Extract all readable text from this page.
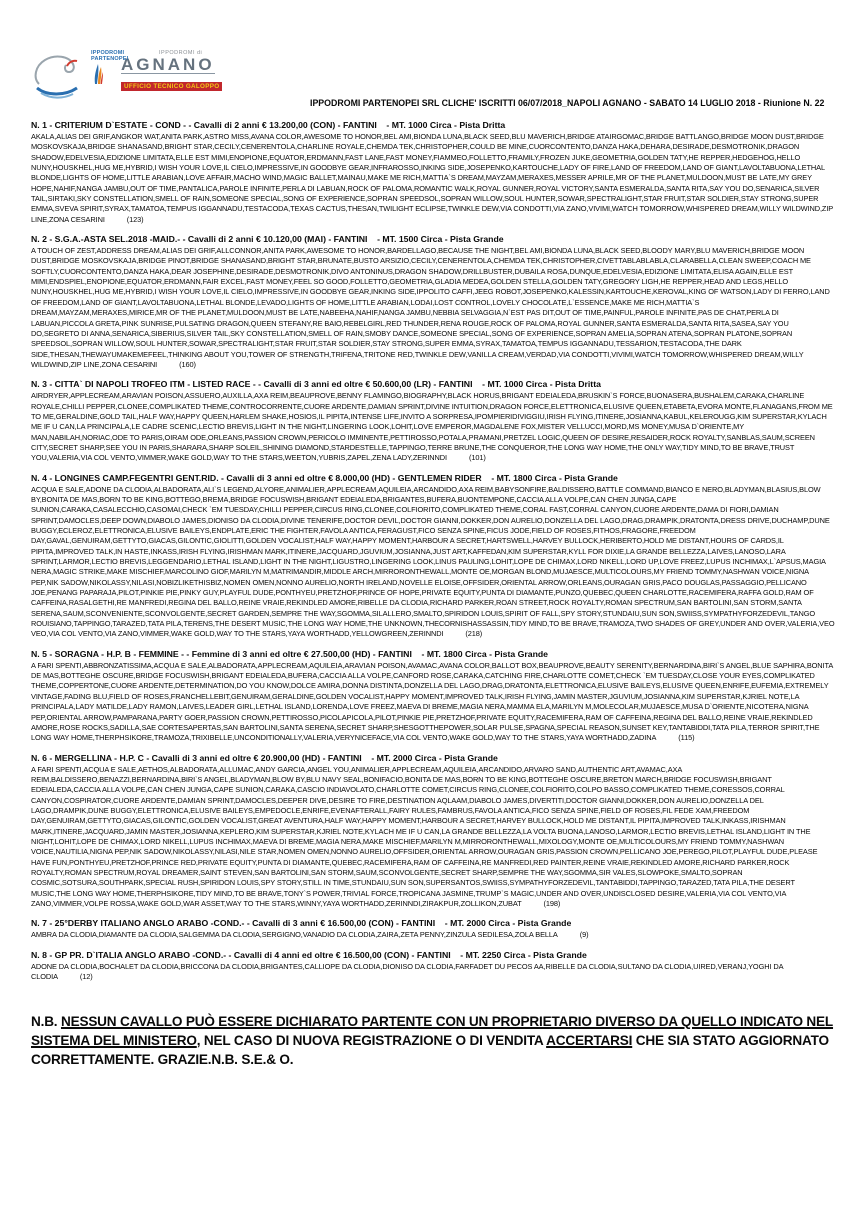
IPPODROMI PARTENOPEI
IPPODROMI di
AGNANO
UFFICIO TECNICO GALOPPO
IPPODROMI PARTENOPEI SRL CLICHE' ISCRITTI 06/07/2018_NAPOLI AGNANO - SABATO 14 LUGLIO 2018 - Riunione N. 22
N. 1 - CRITERIUM D`ESTATE - COND - - Cavalli di 2 anni € 13.200,00 (CON) - FANTINI    - MT. 1000 Circa - Pista Dritta

AKALA,ALIAS DEI GRIF,ANGKOR WAT,ANITA PARK,ASTRO MISS,AVANA COLOR,AWESOME TO HONOR,BEL AMI,BIONDA LUNA,BLACK SEED,BLU MAVERICH,BRIDGE ATAIRGOMAC,BRIDGE BATTLANGO,BRIDGE MOON DUST,BRIDGE MOSKOVSKAJA,BRIDGE SHANASAND,BRIGHT STAR,CECILY,CENERENTOLA,CHARLINE ROYALE,CHEMDA TEK,CHRISTOPHER,COULD BE MINE,CUORCONTENTO,DANZA HAKA,DEHARA,DESIRADE,DESMOTRONIK,DRAGON SHADOW,EDELVESIA,EDIZIONE LIMITATA,ELLE EST MIMI,ENOPIONE,EQUATOR,ERDMANN,FAST LANE,FAST MONEY,FIAMMEO,FOLLETTO,FRAMILY,FROZEN JUKE,GEOMETRIA,GOLDEN TATY,HE REPPER,HEDGEHOG,HELLO NUNY,HOUSKHEL,HUG ME,HYBRID,I WISH YOUR LOVE,IL CIELO,IMPRESSIVE,IN GOODBYE GEAR,INFRAROSSO,INKING SIDE,JOSEPENKO,KARTOUCHE,LADY OF FIRE,LAND OF FREEDOM,LAND OF GIANT,LAVOLTABUONA,LETHAL BLONDE,LIGHTS OF HOME,LITTLE ARABIAN,LOVE AFFAIR,MACHO WIND,MAGIC BALLET,MAINAU,MAKE ME RICH,MATTIA`S DREAM,MAYZAM,MERAXES,MESSER APRILE,MR OF THE PLANET,MULDOON,MUST BE LATE,MY GREY HOPE,NAHIF,NANGA JAMBU,OUT OF TIME,PANTALICA,PAROLE INFINITE,PERLA DI LABUAN,ROCK OF PALOMA,ROMANTIC WALK,ROYAL GUNNER,ROYAL VICTORY,SANTA ESMERALDA,SANTA RITA,SAY YOU DO,SENARICA,SILVER TAIL,SIRTAKI,SKY CONSTELLATION,SMELL OF RAIN,SOMEONE SPECIAL,SONG OF EXPERIENCE,SOPRAN SPEEDSOL,SOPRAN WILLOW,SOUL HUNTER,SOWAR,SPECTRALIGHT,STAR FRUIT,STAR SOLDIER,STAY STRONG,SUPER EMMA,SVEVA SPIRIT,SYRAX,TAMATOA,TEMPUS IGGANNADU,TESTACODA,TEXAS CACTUS,THESAN,TWILIGHT ECLIPSE,TWINKLE DEW,VIA CONDOTTI,VIA ZANO,VIVIMI,WATCH TOMORROW,WHISPERED DREAM,WILLY WILDWIND,ZIP LINE,ZONA CESARINI	(123)

N. 2 - S.G.A.-ASTA SEL.2018 -MAID.- - Cavalli di 2 anni € 10.120,00 (MAI) - FANTINI    - MT. 1500 Circa - Pista Grande

A TOUCH OF ZEST,ADDRESS DREAM,ALIAS DEI GRIF,ALLCONNOR,ANITA PARK,AWESOME TO HONOR,BARDELLAGO,BECAUSE THE NIGHT,BEL AMI,BIONDA LUNA,BLACK SEED,BLOODY MARY,BLU MAVERICH,BRIDGE MOON DUST,BRIDGE MOSKOVSKAJA,BRIDGE PINOT,BRIDGE SHANASAND,BRIGHT STAR,BRUNATE,BUSTO ARSIZIO,CECILY,CENERENTOLA,CHEMDA TEK,CHRISTOPHER,CIVETTABLABLABLA,CLARABELLA,CLEAN SWEEP,COACH ME SOFTLY,CUORCONTENTO,DANZA HAKA,DEAR JOSEPHINE,DESIRADE,DESMOTRONIK,DIVO ANTONINUS,DRAGON SHADOW,DRILLBUSTER,DUBAILA ROSA,DUNQUE,EDELVESIA,EDIZIONE LIMITATA,ELISA AGAIN,ELLE EST MIMI,ENDSPIEL,ENOPIONE,EQUATOR,ERDMANN,FAIR EXCEL,FAST MONEY,FEEL SO GOOD,FOLLETTO,GEOMETRIA,GLADIA MEDEA,GOLDEN STELLA,GOLDEN TATY,GREGORY LIGH,HE REPPER,HEAD AND LEGS,HELLO NUNY,HOUSKHEL,HUG ME,HYBRID,I WISH YOUR LOVE,IL CIELO,IMPRESSIVE,IN GOODBYE GEAR,INKING SIDE,IPPOLITO CAFFI,JEEG ROBOT,JOSEPENKO,KALESSIN,KARTOUCHE,KEROVAL,KING OF WATSON,LADY DI FERRO,LAND OF FREEDOM,LAND OF GIANT,LAVOLTABUONA,LETHAL BLONDE,LEVADO,LIGHTS OF HOME,LITTLE ARABIAN,LODAI,LOST CONTROL,LOVELY CHOCOLATE,L`ESSENCE,MAKE ME RICH,MATTIA`S DREAM,MAYZAM,MERAXES,MIRICE,MR OF THE PLANET,MULDOON,MUST BE LATE,NABEEHA,NAHIF,NANGA JAMBU,NEBBIA SELVAGGIA,N`EST PAS DIT,OUT OF TIME,PAINFUL,PAROLE INFINITE,PAS DE CHAT,PERLA DI LABUAN,PICCOLA GRETA,PINK SUNRISE,PULSATING DRAGON,QUEEN STEFANY,RE BAIO,REBELGIRL,RED THUNDER,RENA ROUGE,ROCK OF PALOMA,ROYAL GUNNER,SANTA ESMERALDA,SANTA RITA,SASEA,SAY YOU DO,SEGRETO DI ANNA,SENARICA,SIBERIUS,SILVER TAIL,SKY CONSTELLATION,SMELL OF RAIN,SMOBY DANCE,SOMEONE SPECIAL,SONG OF EXPERIENCE,SOPRAN AMELIA,SOPRAN ATENA,SOPRAN PLATONE,SOPRAN SPEEDSOL,SOPRAN WILLOW,SOUL HUNTER,SOWAR,SPECTRALIGHT,STAR FRUIT,STAR SOLDIER,STAY STRONG,SUPER EMMA,SYRAX,TAMATOA,TEMPUS IGGANNADU,TESSARION,TESTACODA,THE DARK SIDE,THESAN,THEWAYUMAKEMEFEEL,THINKING ABOUT YOU,TOWER OF STRENGTH,TRIFENA,TRITONE RED,TWINKLE DEW,VANILLA CREAM,VERDAD,VIA CONDOTTI,VIVIMI,WATCH TOMORROW,WHISPERED DREAM,WILLY WILDWIND,ZIP LINE,ZONA CESARINI	(160)

N. 3 - CITTA` DI NAPOLI TROFEO ITM - LISTED RACE - - Cavalli di 3 anni ed oltre € 50.600,00 (LR) - FANTINI    - MT. 1000 Circa - Pista Dritta

AIRDRYER,APPLECREAM,ARAVIAN POISON,ASSUERO,AUXILLA,AXA REIM,BEAUPROVE,BENNY FLAMINGO,BIOGRAPHY,BLACK HORUS,BRIGANT EDEIALEDA,BRUSKIN`S FORCE,BUONASERA,BUSHALEM,CARAKA,CHARLINE ROYALE,CHILLI PEPPER,CLONEE,COMPLIKATED THEME,CONTROCORRENTE,CUORE ARDENTE,DAMIAN SPRINT,DIVINE INTUITION,DRAGON FORCE,ELETTRONICA,ELUSIVE QUEEN,ETABETA,EVORA MONTE,FLANAGANS,FROM ME TO ME,GERALDINE,GOLD TAIL,HALF WAY,HAPPY QUEEN,HARLEM SHAKE,HOSIOS,IL PIPITA,INTENSE LIFE,INVITO A SORPRESA,IPOMPIERIDIVIGGIU,IRISH FLYING,ITINERE,JOSIANNA,KABUL,KELEROUGG,KIM SUPERSTAR,KYLACH ME IF U CAN,LA PRINCIPALA,LE CADRE SCENIC,LECTIO BREVIS,LIGHT IN THE NIGHT,LINGERING LOOK,LOHIT,LOVE EMPEROR,MAGDALENE FOX,MISTER VELLUCCI,MORD,MS MONEY,MUSA D`ORIENTE,MY MAN,NABILAH,NORIAC,ODE TO PARIS,OIRAM ODE,ORLEANS,PASSION CROWN,PERICOLO IMMINENTE,PETTIROSSO,POTALA,PRAMANI,PRETZEL LOGIC,QUEEN OF DESIRE,RESAIDER,ROCK ROYALTY,SANBLAS,SAUM,SCREEN CITY,SECRET SHARP,SEE YOU IN PARIS,SHARARA,SHARP SOLEIL,SHINING DIAMOND,STARDESTELLE,TAPPINGO,TERRE BRUNE,THE CONQUEROR,THE LONG WAY HOME,THE ONLY WAY,TIDY MIND,TO BE BRAVE,TRUST YOU,VALERIA,VIA COL VENTO,VIMMER,WAKE GOLD,WAY TO THE STARS,WEETON,YUBRIS,ZAPEL,ZENA LADY,ZERINNDI	(101)

N. 4 - LONGINES CAMP.FEGENTRI GENT.RID. - Cavalli di 3 anni ed oltre € 8.000,00 (HD) - GENTLEMEN RIDER    - MT. 1800 Circa - Pista Grande

ACQUA E SALE,ADONE DA CLODIA,ALBADORATA,ALI`S LEGEND,ALYORE,ANIMALIER,APPLECREAM,AQUILEIA,ARCANDIDO,AXA REIM,BABYSONFIRE,BALDISSERO,BATTLE COMMAND,BIANCO E NERO,BLADYMAN,BLASIUS,BLOW BY,BONITA DE MAS,BORN TO BE KING,BOTTEGO,BREMA,BRIDGE FOCUSWISH,BRIGANT EDEIALEDA,BRIGANTES,BUFERA,BUONTEMPONE,CACCIA ALLA VOLPE,CAN CHEN JUNGA,CAPE SUNION,CARAKA,CASALECCHIO,CASOMAI,CHECK `EM TUESDAY,CHILLI PEPPER,CIRCUS RING,CLONEE,COLFIORITO,COMPLIKATED THEME,CORAL FAST,CORRAL CANYON,CUORE ARDENTE,DAMA DI FIORI,DAMIAN SPRINT,DAMOCLES,DEEP DOWN,DIABOLO JAMES,DIONISO DA CLODIA,DIVINE TENERIFE,DOCTOR DEVIL,DOCTOR GIANNI,DOKKER,DON AURELIO,DONZELLA DEL LAGO,DRAG,DRAMPIK,DRATONTA,DRESS DRIVE,DUCHAMP,DUNE BUGGY,ECLEROZ,ELETTRONICA,ELUSIVE BAILEYS,ENDPLATE,ERIC THE FIGHTER,FAVOLA ANTICA,FERAGUST,FICO SENZA SPINE,FICUS JODE,FIELD OF ROSES,FITHOS,FRAGORE,FREEDOM DAY,GAVAL,GENUIRAM,GETTYTO,GIACAS,GILONTIC,GIOLITTI,GOLDEN VOCALIST,HALF WAY,HAPPY MOMENT,HARBOUR A SECRET,HARTSWELL,HARVEY BULLOCK,HERIBERTO,HOLD ME DISTANT,HOURS OF CARDS,IL PIPITA,IMPROVED TALK,IN HASTE,INKASS,IRISH FLYING,IRISHMAN MARK,ITINERE,JACQUARD,JGUVIUM,JOSIANNA,JUST ART,KAFFEDAN,KIM SUPERSTAR,KYLL FOR DIXIE,LA GRANDE BELLEZZA,LAIVES,LANOSO,LARA SPRINT,LARMOR,LECTIO BREVIS,LEGGENDARIO,LETHAL ISLAND,LIGHT IN THE NIGHT,LIGUSTRO,LINGERING LOOK,LINUS PAULING,LOHIT,LOPE DE CHIMAX,LORD NIKELL,LORD UP,LOVE FREEZ,LUPUS INCHIMAX,L`APSUS,MAGIA NERA,MAGIC STRIKE,MAKE MISCHIEF,MARCOLINO GIOF,MARILYN M,MATRIMANDIR,MIDDLE ARCH,MIRRORONTHEWALL,MONTE OE,MORGAN BLOND,MUJAESCE,MULTICOLOURS,MY FRIEND TOMMY,NASHWAN VOICE,NIGNA PEP,NIK SADOW,NIKOLASSY,NILASI,NOBIZLIKETHISBIZ,NOMEN OMEN,NONNO AURELIO,NORTH IRELAND,NOVELLE ELOISE,OFFSIDER,ORIENTAL ARROW,ORLEANS,OURAGAN GRIS,PACO DOUGLAS,PASSAGGIO,PELLICANO JOE,PENANG PAPARAJA,PILOT,PINKIE PIE,PINKY GUY,PLAYFUL DUDE,PONTHYEU,PRETZHOF,PRINCE OF HOPE,PRIVATE EQUITY,PUNTA DI DIAMANTE,PUNZO,QUEBEC,QUEEN CHARLOTTE,RACEMIFERA,RAFFA GOLD,RAM OF CAFFEINA,RASALGETHI,RE MANFREDI,REGINA DEL BALLO,REINE VRAIE,REKINDLED AMORE,RIBELLE DA CLODIA,RICHARD PARKER,ROAN STREET,ROCK ROYALTY,ROMAN SPECTRUM,SAN BARTOLINI,SAN STORM,SANTA SERENA,SAUM,SCONVENIENTE,SCONVOLGENTE,SECRET GARDEN,SEMPRE THE WAY,SGOMMA,SILALLERO,SMALTO,SPIRIDON LOUIS,SPIRIT OF FALL,SPY STORY,STUNDAIU,SUN SON,SWIISS,SYMPATHYFORZEDEVIL,TANGO ROUISIANO,TAPPINGO,TARAZED,TATA PILA,TERENS,THE DESERT MUSIC,THE LONG WAY HOME,THE UNKNOWN,THECORNISHASSASSIN,TIDY MIND,TO BE BRAVE,TRAMOZA,TWO SHADES OF GREY,UNDER AND OVER,VALERIA,VEO VEO,VIA COL VENTO,VIA ZANO,VIMMER,WAKE GOLD,WAY TO THE STARS,YAYA WORTHADD,YELLOWGREEN,ZERINNDI	(218)

N. 5 - SORAGNA - H.P. B - FEMMINE - - Femmine di 3 anni ed oltre € 27.500,00 (HD) - FANTINI    - MT. 1800 Circa - Pista Grande

A FARI SPENTI,ABBRONZATISSIMA,ACQUA E SALE,ALBADORATA,APPLECREAM,AQUILEIA,ARAVIAN POISON,AVAMAC,AVANA COLOR,BALLOT BOX,BEAUPROVE,BEAUTY SERENITY,BERNARDINA,BIRI`S ANGEL,BLUE SAPHIRA,BONITA DE MAS,BOTTEGHE OSCURE,BRIDGE FOCUSWISH,BRIGANT EDEIALEDA,BUFERA,CACCIA ALLA VOLPE,CANFORD ROSE,CARAKA,CATCHING FIRE,CHARLOTTE COMET,CHECK `EM TUESDAY,CLOSE YOUR EYES,COMPLIKATED THEME,COPPERTONE,CUORE ARDENTE,DETERMINATION,DO YOU KNOW,DOLCE AMIRA,DONNA DISTINTA,DONZELLA DEL LAGO,DRAG,DRATONTA,ELETTRONICA,ELUSIVE BAILEYS,ELUSIVE QUEEN,ENRIFE,EUFEMIA,EXTREMELY VINTAGE,FADING BLU,FIELD OF ROSES,FRANCHELLEBIT,GENUIRAM,GERALDINE,GOLDEN VOCALIST,HAPPY MOMENT,IMPROVED TALK,IRISH FLYING,JAMIN MASTER,JGUVIUM,JOSIANNA,KIM SUPERSTAR,KJRIEL NOTE,LA PRINCIPALA,LADY MATILDE,LADY RAMON,LAIVES,LEADER GIRL,LETHAL ISLAND,LORENDA,LOVE FREEZ,MAEVA DI BREME,MAGIA NERA,MAMMA ELA,MARILYN M,MOLECOLAR,MUJAESCE,MUSA D`ORIENTE,NICOTERA,NIGNA PEP,ORIENTAL ARROW,PAMPARANA,PARTY GOER,PASSION CROWN,PETTIROSSO,PICOLAPICOLA,PILOT,PINKIE PIE,PRETZHOF,PRIVATE EQUITY,RACEMIFERA,RAM OF CAFFEINA,REGINA DEL BALLO,REINE VRAIE,REKINDLED AMORE,ROSE ROCKS,SADILLA,SAE CORTESAPERTAS,SAN BARTOLINI,SANTA SERENA,SECRET SHARP,SHESGOTTHEPOWER,SOLAR PULSE,SPAGNA,SPECIAL REASON,SUNSET KEY,TANTABIDDI,TATA PILA,TERROR SPIRIT,THE LONG WAY HOME,THERPHSIKORE,TRAMOZA,TRIXIBELLE,UNCONDITIONALLY,VALERIA,VERYNICEFACE,VIA COL VENTO,WAKE GOLD,WAY TO THE STARS,YAYA WORTHADD,ZADINA	(115)

N. 6 - MERGELLINA - H.P. C - Cavalli di 3 anni ed oltre € 20.900,00 (HD) - FANTINI    - MT. 2000 Circa - Pista Grande

A FARI SPENTI,ACQUA E SALE,AETHOS,ALBADORATA,ALLUMAC,ANDY GARCIA,ANGEL YOU,ANIMALIER,APPLECREAM,AQUILEIA,ARCANDIDO,ARVARO SAND,AUTHENTIC ART,AVAMAC,AXA REIM,BALDISSERO,BENAZZI,BERNARDINA,BIRI`S ANGEL,BLADYMAN,BLOW BY,BLU NAVY SEAL,BONIFACIO,BONITA DE MAS,BORN TO BE KING,BOTTEGHE OSCURE,BRETON MARCH,BRIDGE FOCUSWISH,BRIGANT EDEIALEDA,CACCIA ALLA VOLPE,CAN CHEN JUNGA,CAPE SUNION,CARAKA,CASCIO INDIAVOLATO,CHARLOTTE COMET,CIRCUS RING,CLONEE,COLFIORITO,COLPO BASSO,COMPLIKATED THEME,CORESSOS,CORRAL CANYON,COSPIRATOR,CUORE ARDENTE,DAMIAN SPRINT,DAMOCLES,DEEPER DIVE,DESIRE TO FIRE,DESTINATION AQLAAM,DIABOLO JAMES,DIVERTITI,DOCTOR GIANNI,DOKKER,DON AURELIO,DONZELLA DEL LAGO,DRAMPIK,DUNE BUGGY,ELETTRONICA,ELUSIVE BAILEYS,EMPEDOCLE,ENRIFE,EVENAFTERALL,FAIRY RULES,FAMBRUS,FAVOLA ANTICA,FICO SENZA SPINE,FIELD OF ROSES,FIL FEDE XAM,FREEDOM DAY,GENUIRAM,GETTYTO,GIACAS,GILONTIC,GOLDEN VOCALIST,GREAT AVENTURA,HALF WAY,HAPPY MOMENT,HARBOUR A SECRET,HARVEY BULLOCK,HOLD ME DISTANT,IL PIPITA,IMPROVED TALK,INKASS,IRISHMAN MARK,ITINERE,JACQUARD,JAMIN MASTER,JOSIANNA,KEPLERO,KIM SUPERSTAR,KJRIEL NOTE,KYLACH ME IF U CAN,LA GRANDE BELLEZZA,LA VOLTA BUONA,LANOSO,LARMOR,LECTIO BREVIS,LETHAL ISLAND,LIGHT IN THE NIGHT,LOHIT,LOPE DE CHIMAX,LORD NIKELL,LUPUS INCHIMAX,MAEVA DI BREME,MAGIA NERA,MAKE MISCHIEF,MARILYN M,MIRRORONTHEWALL,MIXOLOGY,MONTE OE,MULTICOLOURS,MY FRIEND TOMMY,NASHWAN VOICE,NAUTILIA,NIGNA PEP,NIK SADOW,NIKOLASSY,NILASI,NILE STAR,NOMEN OMEN,NONNO AURELIO,OFFSIDER,ORIENTAL ARROW,OURAGAN GRIS,PASSION CROWN,PELLICANO JOE,PEREGO,PILOT,PLAYFUL DUDE,PLEASE HAVE FUN,PONTHYEU,PRETZHOF,PRINCE RED,PRIVATE EQUITY,PUNTA DI DIAMANTE,QUEBEC,RACEMIFERA,RAM OF CAFFEINA,RE MANFREDI,RED PAINTER,REINE VRAIE,REKINDLED AMORE,RICHARD PARKER,ROCK ROYALTY,ROMAN SPECTRUM,ROYAL DREAMER,SAINT STEVEN,SAN BARTOLINI,SAN STORM,SAUM,SCONVOLGENTE,SECRET SHARP,SEMPRE THE WAY,SGOMMA,SIR VALES,SLOWPOKE,SMALTO,SOPRAN COSMIC,SOTSURA,SOUTHPARK,SPECIAL RUSH,SPIRIDON LOUIS,SPY STORY,STILL IN TIME,STUNDAIU,SUN SON,SUPERSANTOS,SWIISS,SYMPATHYFORZEDEVIL,TANTABIDDI,TAPPINGO,TARAZED,TATA PILA,THE DESERT MUSIC,THE LONG WAY HOME,THERPHSIKORE,TIDY MIND,TO BE BRAVE,TONY`S POWER,TRIVIAL FORCE,TROPICANA JASMINE,TRUMP`S MAGIC,UNDER AND OVER,UNDISCLOSED DESIRE,VALERIA,VIA COL VENTO,VIA ZANO,VIMMER,VOLPE ROSSA,WAKE GOLD,WAR ASSET,WAY TO THE STARS,WINNY,YAYA WORTHADD,ZERINNDI,ZIRAKPUR,ZOLLIKON,ZUBAT	(198)

N. 7 - 25°DERBY ITALIANO ANGLO ARABO -COND.- - Cavalli di 3 anni € 16.500,00 (CON) - FANTINI    - MT. 2000 Circa - Pista Grande

AMBRA DA CLODIA,DIAMANTE DA CLODIA,SALGEMMA DA CLODIA,SERGIGNO,VANADIO DA CLODIA,ZAIRA,ZETA PENNY,ZINZULA SEDILESA,ZOLA BELLA	(9)

N. 8 - GP PR. D`ITALIA ANGLO ARABO -COND.- - Cavalli di 4 anni ed oltre € 16.500,00 (CON) - FANTINI    - MT. 2250 Circa - Pista Grande

ADONE DA CLODIA,BOCHALET DA CLODIA,BRICCONA DA CLODIA,BRIGANTES,CALLIOPE DA CLODIA,DIONISO DA CLODIA,FARFADET DU PECOS AA,RIBELLE DA CLODIA,SULTANO DA CLODIA,UIRED,VERANJ,YOGHI DA CLODIA	(12)

N.B. NESSUN CAVALLO PUÒ ESSERE DICHIARATO PARTENTE CON UN PROPRIETARIO DIVERSO DA QUELLO INDICATO NEL SISTEMA DEL MINISTERO, NEL CASO DI NUOVA REGISTRAZIONE O DI VENDITA ACCERTARSI CHE SIA STATO AGGIORNATO CORRETTAMENTE. GRAZIE.N.B. S.E.& O.
